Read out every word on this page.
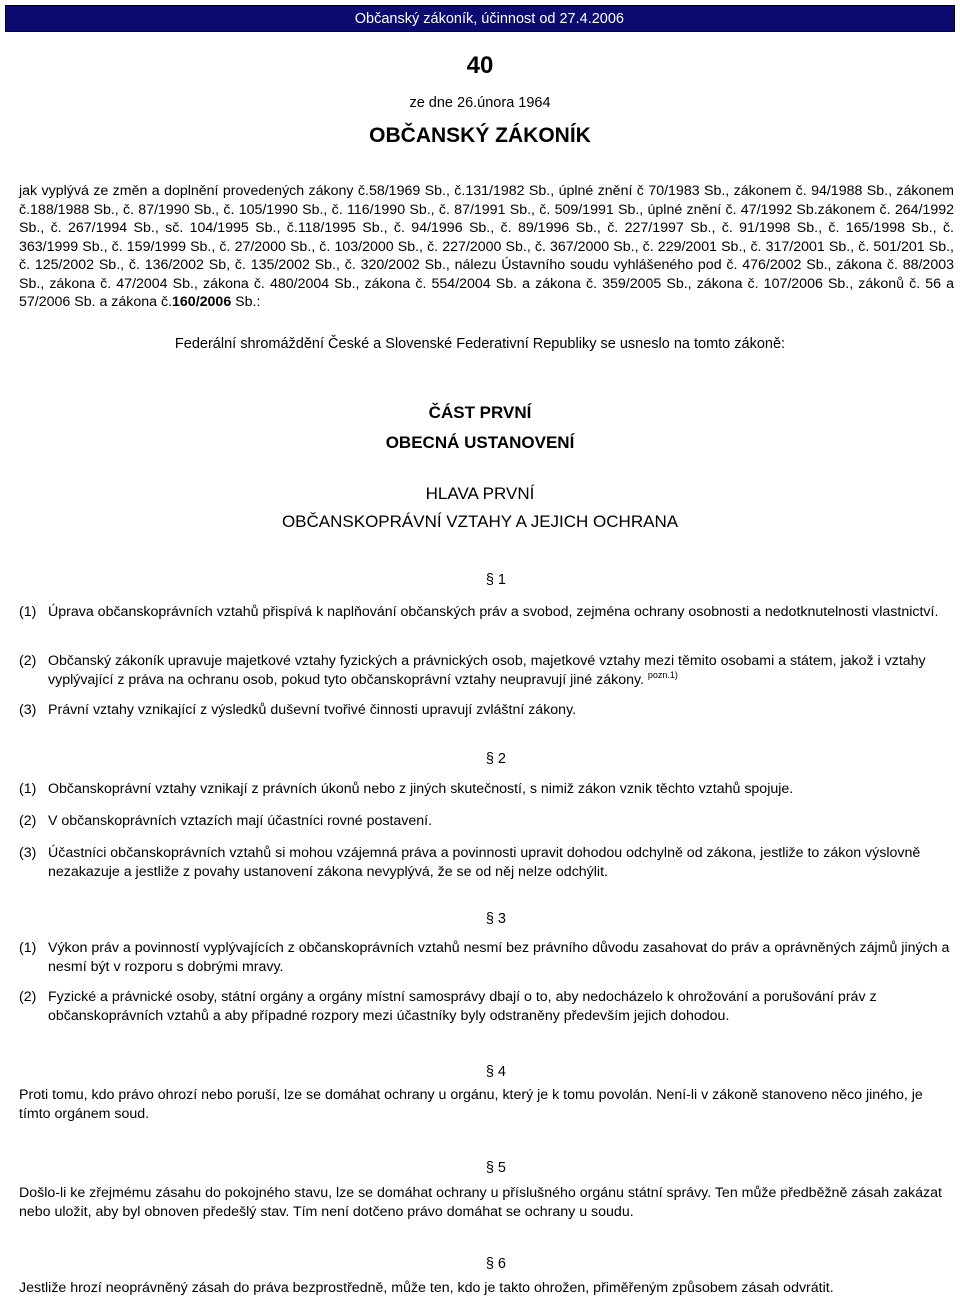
Občanský zákoník, účinnost od 27.4.2006
40
ze dne 26.února 1964
OBČANSKÝ ZÁKONÍK
jak vyplývá ze změn a doplnění provedených zákony č.58/1969 Sb., č.131/1982 Sb., úplné znění č 70/1983 Sb., zákonem č. 94/1988 Sb., zákonem č.188/1988 Sb., č. 87/1990 Sb., č. 105/1990 Sb., č. 116/1990 Sb., č. 87/1991 Sb., č. 509/1991 Sb., úplné znění č. 47/1992 Sb.zákonem č. 264/1992 Sb., č. 267/1994 Sb., sč. 104/1995 Sb., č.118/1995 Sb., č. 94/1996 Sb., č. 89/1996 Sb., č. 227/1997 Sb., č. 91/1998 Sb., č. 165/1998 Sb., č. 363/1999 Sb., č. 159/1999 Sb., č. 27/2000 Sb., č. 103/2000 Sb., č. 227/2000 Sb., č. 367/2000 Sb., č. 229/2001 Sb., č. 317/2001 Sb., č. 501/201 Sb., č. 125/2002 Sb., č. 136/2002 Sb, č. 135/2002 Sb., č. 320/2002 Sb., nálezu Ústavního soudu vyhlášeného pod č. 476/2002 Sb., zákona č. 88/2003 Sb., zákona č. 47/2004 Sb., zákona č. 480/2004 Sb., zákona č. 554/2004 Sb. a zákona č. 359/2005 Sb., zákona č. 107/2006 Sb., zákonů č. 56 a 57/2006 Sb. a zákona č.160/2006 Sb.:
Federální shromáždění České a Slovenské Federativní Republiky se usneslo na tomto zákoně:
ČÁST PRVNÍ
OBECNÁ USTANOVENÍ
HLAVA PRVNÍ
OBČANSKOPRÁVNÍ VZTAHY A JEJICH OCHRANA
§ 1
(1) Úprava občanskoprávních vztahů přispívá k naplňování občanských práv a svobod, zejména ochrany osobnosti a nedotknutelnosti vlastnictví.
(2) Občanský zákoník upravuje majetkové vztahy fyzických a právnických osob, majetkové vztahy mezi těmito osobami a státem, jakož i vztahy vyplývající z práva na ochranu osob, pokud tyto občanskoprávní vztahy neupravují jiné zákony. $^{pozn.1)}$
(3) Právní vztahy vznikající z výsledků duševní tvořivé činnosti upravují zvláštní zákony.
§ 2
(1) Občanskoprávní vztahy vznikají z právních úkonů nebo z jiných skutečností, s nimiž zákon vznik těchto vztahů spojuje.
(2) V občanskoprávních vztazích mají účastníci rovné postavení.
(3) Účastníci občanskoprávních vztahů si mohou vzájemná práva a povinnosti upravit dohodou odchylně od zákona, jestliže to zákon výslovně nezakazuje a jestliže z povahy ustanovení zákona nevyplývá, že se od něj nelze odchýlit.
§ 3
(1) Výkon práv a povinností vyplývajících z občanskoprávních vztahů nesmí bez právního důvodu zasahovat do práv a oprávněných zájmů jiných a nesmí být v rozporu s dobrými mravy.
(2) Fyzické a právnické osoby, státní orgány a orgány místní samosprávy dbají o to, aby nedocházelo k ohrožování a porušování práv z občanskoprávních vztahů a aby případné rozpory mezi účastníky byly odstraněny především jejich dohodou.
§ 4
Proti tomu, kdo právo ohrozí nebo poruší, lze se domáhat ochrany u orgánu, který je k tomu povolán. Není-li v zákoně stanoveno něco jiného, je tímto orgánem soud.
§ 5
Došlo-li ke zřejmému zásahu do pokojného stavu, lze se domáhat ochrany u příslušného orgánu státní správy. Ten může předběžně zásah zakázat nebo uložit, aby byl obnoven předešlý stav. Tím není dotčeno právo domáhat se ochrany u soudu.
§ 6
Jestliže hrozí neoprávněný zásah do práva bezprostředně, může ten, kdo je takto ohrožen, přiměřeným způsobem zásah odvrátit.
